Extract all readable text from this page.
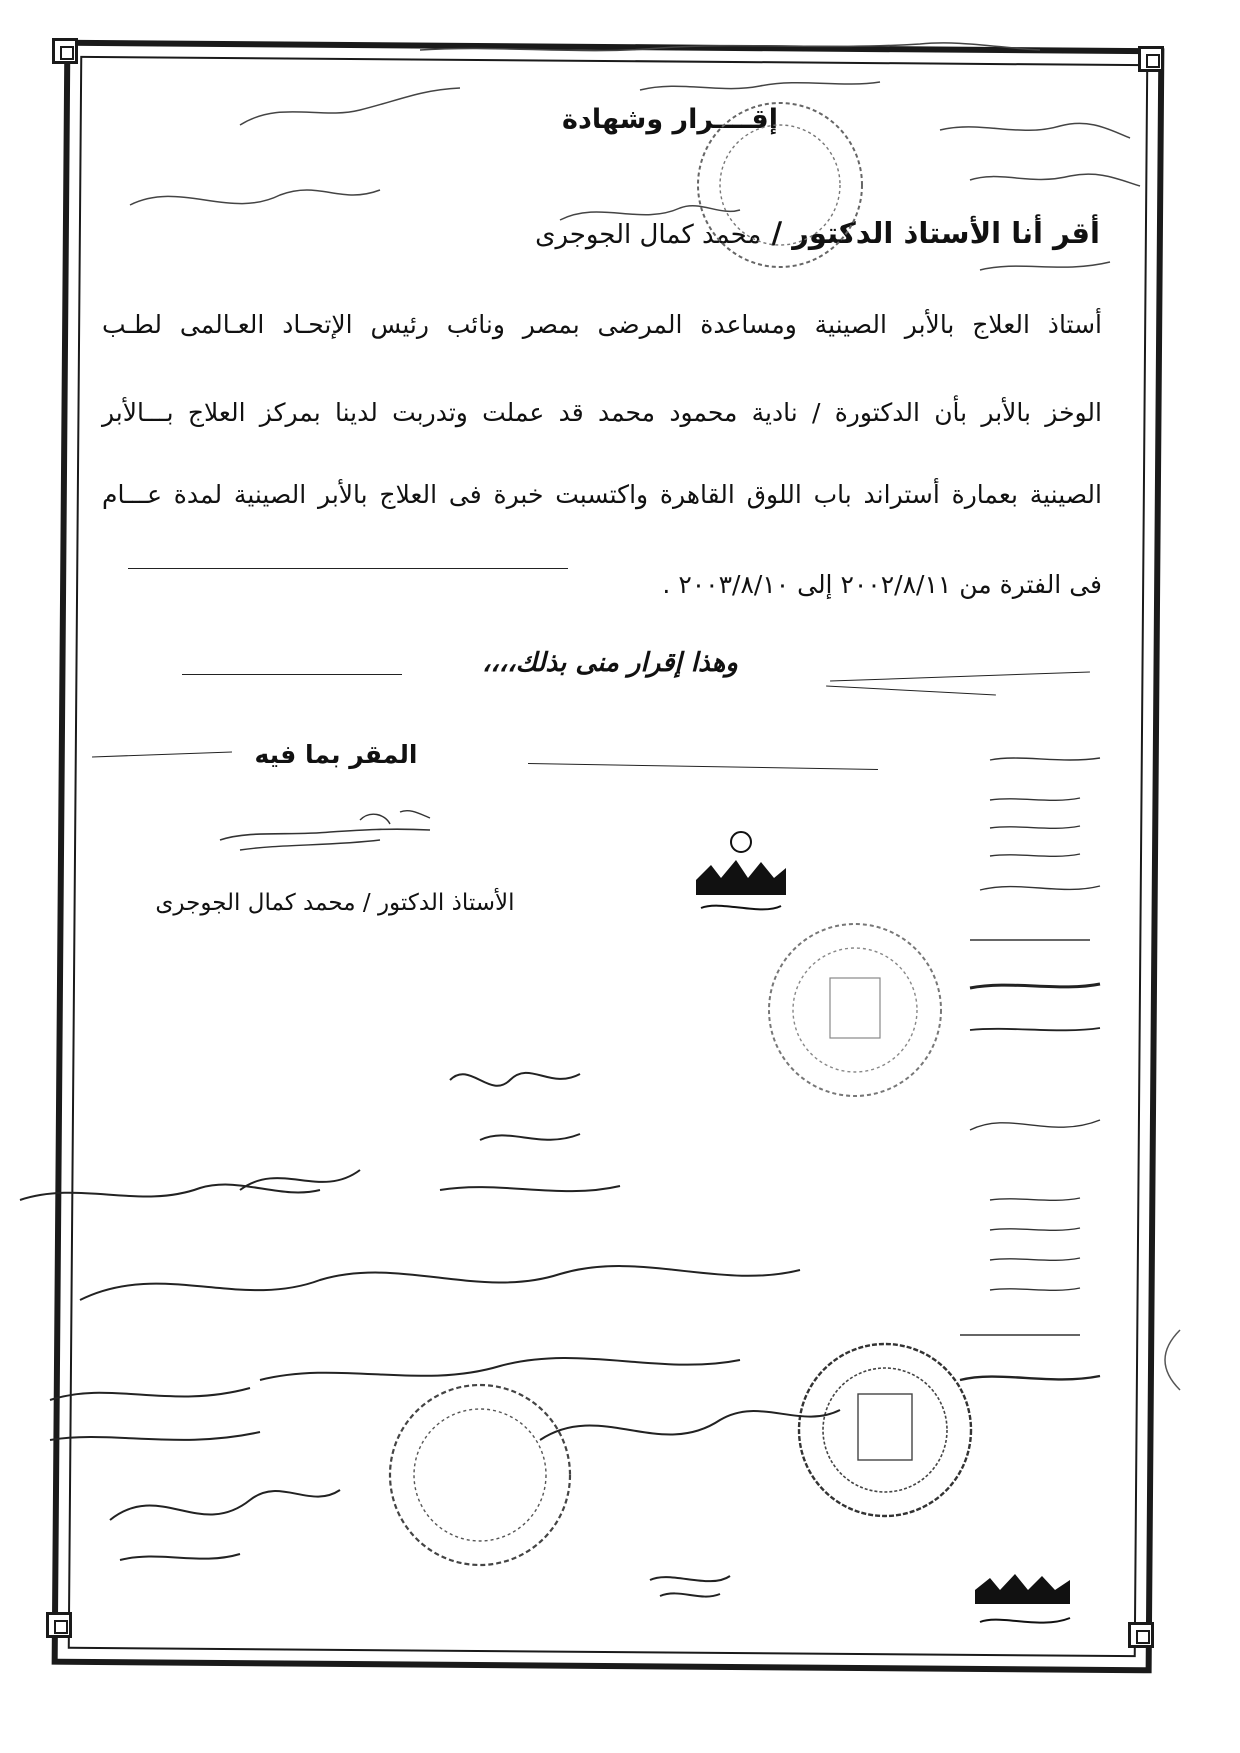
إقــــرار وشهادة
أقر أنا الأستاذ الدكتور / محمد كمال الجوجرى
أستاذ العلاج بالأبر الصينية ومساعدة المرضى بمصر ونائب رئيس الإتحـاد العـالمى لطـب
الوخز بالأبر بأن الدكتورة / نادية محمود محمد قد عملت وتدربت لدينا بمركز العلاج بـــالأبر
الصينية بعمارة أستراند باب اللوق القاهرة واكتسبت خبرة فى العلاج بالأبر الصينية لمدة عـــام
فى الفترة من ٢٠٠٢/٨/١١ إلى ٢٠٠٣/٨/١٠ .
وهذا إقرار منى بذلك،،،،
المقر بما فيه
الأستاذ الدكتور / محمد كمال الجوجرى
